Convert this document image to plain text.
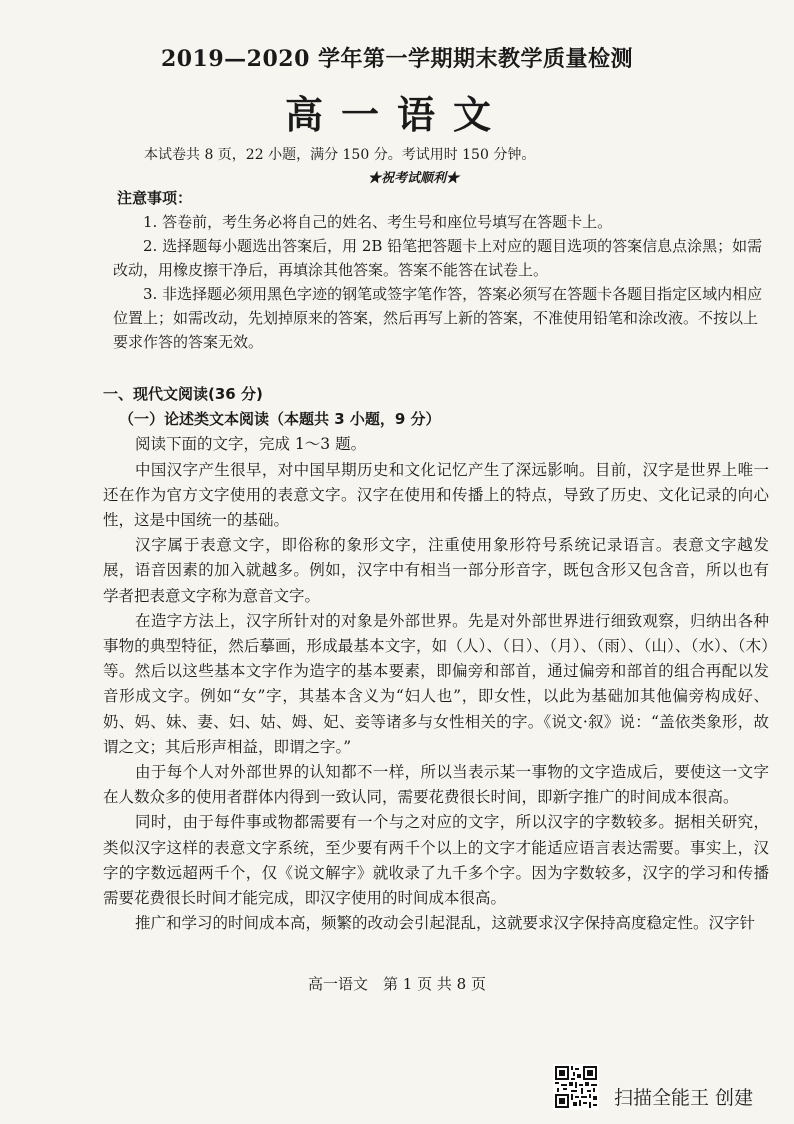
2019—2020 学年第一学期期末教学质量检测
高一语文
本试卷共 8 页，22 小题，满分 150 分。考试用时 150 分钟。
★祝考试顺利★
注意事项：

1. 答卷前，考生务必将自己的姓名、考生号和座位号填写在答题卡上。

2. 选择题每小题选出答案后，用 2B 铅笔把答题卡上对应的题目选项的答案信息点涂黑；如需改动，用橡皮擦干净后，再填涂其他答案。答案不能答在试卷上。

3. 非选择题必须用黑色字迹的钢笔或签字笔作答，答案必须写在答题卡各题目指定区域内相应位置上；如需改动，先划掉原来的答案，然后再写上新的答案，不准使用铅笔和涂改液。不按以上要求作答的答案无效。

一、现代文阅读(36 分)
（一）论述类文本阅读（本题共 3 小题，9 分）

阅读下面的文字，完成 1～3 题。

中国汉字产生很早，对中国早期历史和文化记忆产生了深远影响。目前，汉字是世界上唯一还在作为官方文字使用的表意文字。汉字在使用和传播上的特点，导致了历史、文化记录的向心性，这是中国统一的基础。

汉字属于表意文字，即俗称的象形文字，注重使用象形符号系统记录语言。表意文字越发展，语音因素的加入就越多。例如，汉字中有相当一部分形音字，既包含形又包含音，所以也有学者把表意文字称为意音文字。

在造字方法上，汉字所针对的对象是外部世界。先是对外部世界进行细致观察，归纳出各种事物的典型特征，然后摹画，形成最基本文字，如（人）、（日）、（月）、（雨）、（山）、（水）、（木）等。然后以这些基本文字作为造字的基本要素，即偏旁和部首，通过偏旁和部首的组合再配以发音形成文字。例如“女”字，其基本含义为“妇人也”，即女性，以此为基础加其他偏旁构成好、奶、妈、妹、妻、妇、姑、姆、妃、妾等诸多与女性相关的字。《说文·叙》说：“盖依类象形，故谓之文；其后形声相益，即谓之字。”

由于每个人对外部世界的认知都不一样，所以当表示某一事物的文字造成后，要使这一文字在人数众多的使用者群体内得到一致认同，需要花费很长时间，即新字推广的时间成本很高。

同时，由于每件事或物都需要有一个与之对应的文字，所以汉字的字数较多。据相关研究，类似汉字这样的表意文字系统，至少要有两千个以上的文字才能适应语言表达需要。事实上，汉字的字数远超两千个，仅《说文解字》就收录了九千多个字。因为字数较多，汉字的学习和传播需要花费很长时间才能完成，即汉字使用的时间成本很高。

推广和学习的时间成本高，频繁的改动会引起混乱，这就要求汉字保持高度稳定性。汉字针

高一语文　第 1 页 共 8 页
扫描全能王 创建
